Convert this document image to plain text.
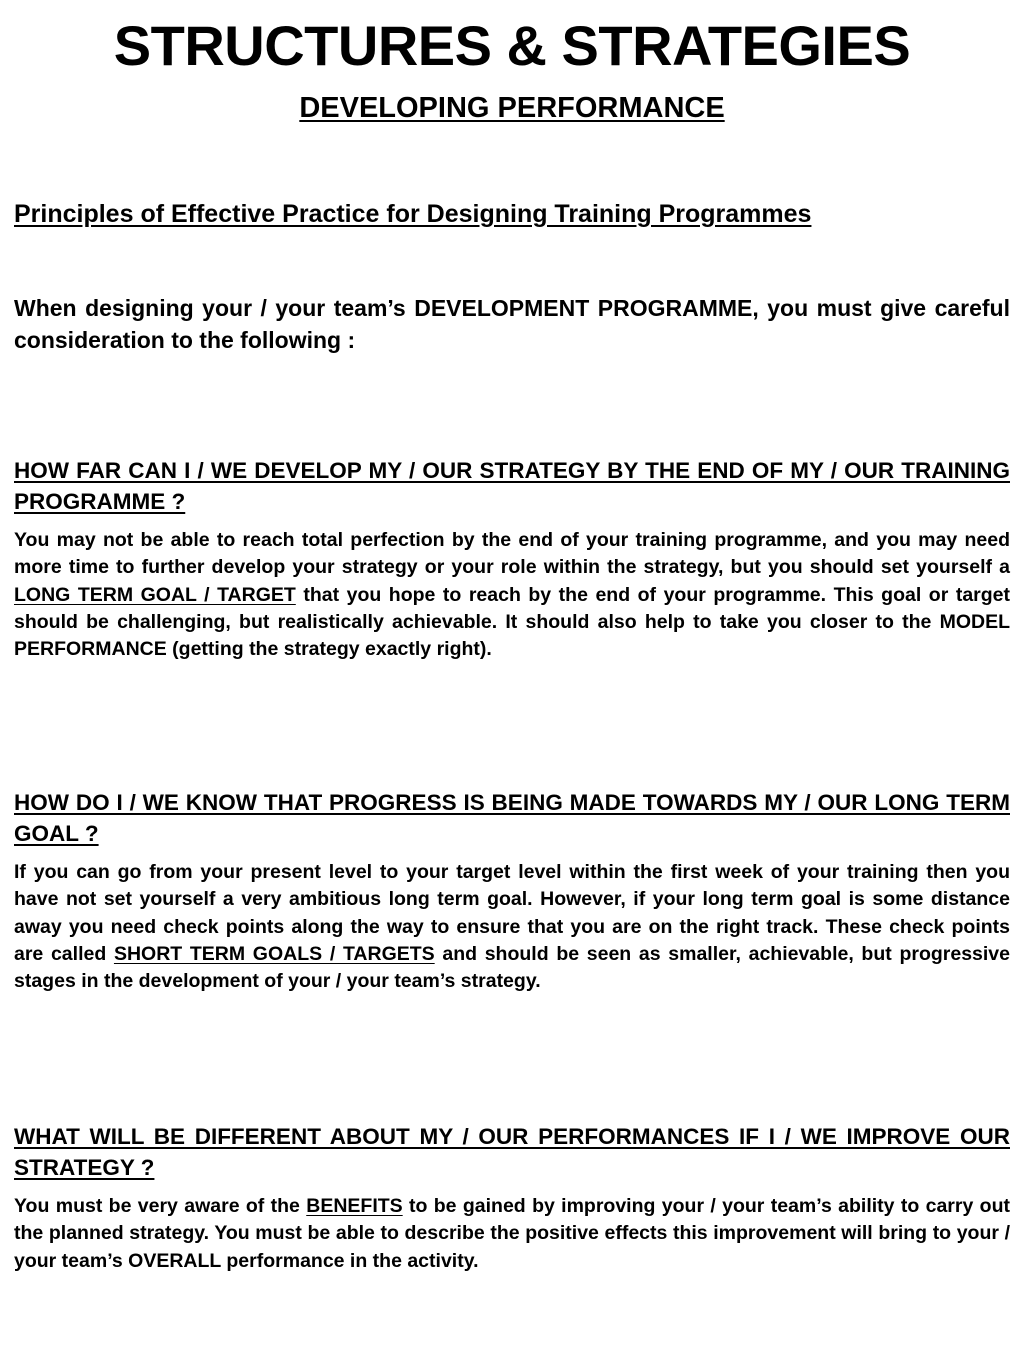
STRUCTURES & STRATEGIES
DEVELOPING PERFORMANCE
Principles of Effective Practice for Designing Training Programmes

When designing your / your team’s DEVELOPMENT PROGRAMME, you must give careful consideration to the following :

HOW FAR CAN I / WE DEVELOP MY / OUR STRATEGY BY THE END OF MY / OUR TRAINING PROGRAMME ?

You may not be able to reach total perfection by the end of your training programme, and you may need more time to further develop your strategy or your role within the strategy, but you should set yourself a LONG TERM GOAL / TARGET that you hope to reach by the end of your programme. This goal or target should be challenging, but realistically achievable. It should also help to take you closer to the MODEL PERFORMANCE (getting the strategy exactly right).

HOW DO I / WE KNOW THAT PROGRESS IS BEING MADE TOWARDS MY / OUR LONG TERM GOAL ?

If you can go from your present level to your target level within the first week of your training then you have not set yourself a very ambitious long term goal. However, if your long term goal is some distance away you need check points along the way to ensure that you are on the right track. These check points are called SHORT TERM GOALS / TARGETS and should be seen as smaller, achievable, but progressive stages in the development of your / your team’s strategy.

WHAT WILL BE DIFFERENT ABOUT MY / OUR PERFORMANCES IF I / WE IMPROVE OUR STRATEGY ?

You must be very aware of the BENEFITS to be gained by improving your / your team’s ability to carry out the planned strategy. You must be able to describe the positive effects this improvement will bring to your / your team’s OVERALL performance in the activity.
